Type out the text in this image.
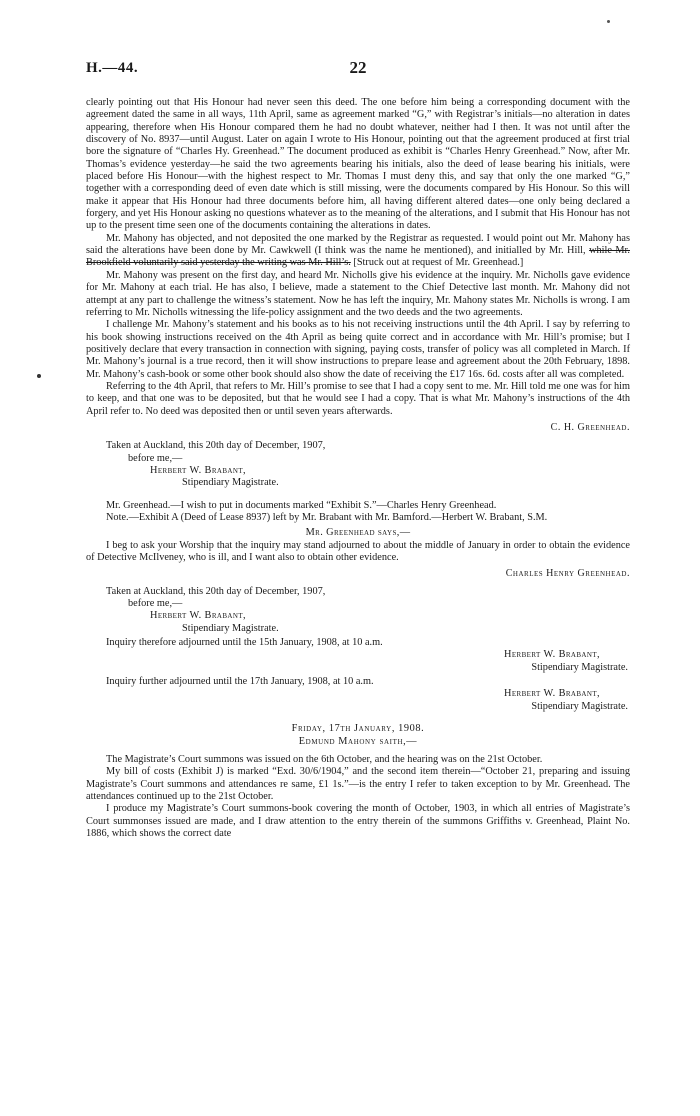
H.—44.	22

clearly pointing out that His Honour had never seen this deed. The one before him being a corresponding document with the agreement dated the same in all ways, 11th April, same as agreement marked “G,” with Registrar’s initials—no alteration in dates appearing, therefore when His Honour compared them he had no doubt whatever, neither had I then. It was not until after the discovery of No. 8937—until August. Later on again I wrote to His Honour, pointing out that the agreement produced at first trial bore the signature of “Charles Hy. Greenhead.” The document produced as exhibit is “Charles Henry Greenhead.” Now, after Mr. Thomas’s evidence yesterday—he said the two agreements bearing his initials, also the deed of lease bearing his initials, were placed before His Honour—with the highest respect to Mr. Thomas I must deny this, and say that only the one marked “G,” together with a corresponding deed of even date which is still missing, were the documents compared by His Honour. So this will make it appear that His Honour had three documents before him, all having different altered dates—one only being declared a forgery, and yet His Honour asking no questions whatever as to the meaning of the alterations, and I submit that His Honour has not up to the present time seen one of the documents containing the alterations in dates.

Mr. Mahony has objected, and not deposited the one marked by the Registrar as requested. I would point out Mr. Mahony has said the alterations have been done by Mr. Cawkwell (I think was the name he mentioned), and initialled by Mr. Hill, while Mr. Brookfield voluntarily said yesterday the writing was Mr. Hill’s. [Struck out at request of Mr. Greenhead.]

Mr. Mahony was present on the first day, and heard Mr. Nicholls give his evidence at the inquiry. Mr. Nicholls gave evidence for Mr. Mahony at each trial. He has also, I believe, made a statement to the Chief Detective last month. Mr. Mahony did not attempt at any part to challenge the witness’s statement. Now he has left the inquiry, Mr. Mahony states Mr. Nicholls is wrong. I am referring to Mr. Nicholls witnessing the life-policy assignment and the two deeds and the two agreements.

I challenge Mr. Mahony’s statement and his books as to his not receiving instructions until the 4th April. I say by referring to his book showing instructions received on the 4th April as being quite correct and in accordance with Mr. Hill’s promise; but I positively declare that every transaction in connection with signing, paying costs, transfer of policy was all completed in March. If Mr. Mahony’s journal is a true record, then it will show instructions to prepare lease and agreement about the 20th February, 1898. Mr. Mahony’s cash-book or some other book should also show the date of receiving the £17 16s. 6d. costs after all was completed.

Referring to the 4th April, that refers to Mr. Hill’s promise to see that I had a copy sent to me. Mr. Hill told me one was for him to keep, and that one was to be deposited, but that he would see I had a copy. That is what Mr. Mahony’s instructions of the 4th April refer to. No deed was deposited then or until seven years afterwards.

C. H. Greenhead.

Taken at Auckland, this 20th day of December, 1907,

before me,—

Herbert W. Brabant,

Stipendiary Magistrate.

Mr. Greenhead.—I wish to put in documents marked “Exhibit S.”—Charles Henry Greenhead.

Note.—Exhibit A (Deed of Lease 8937) left by Mr. Brabant with Mr. Bamford.—Herbert W. Brabant, S.M.

Mr. Greenhead says,—

I beg to ask your Worship that the inquiry may stand adjourned to about the middle of January in order to obtain the evidence of Detective McIlveney, who is ill, and I want also to obtain other evidence.

Charles Henry Greenhead.

Taken at Auckland, this 20th day of December, 1907,

before me,—

Herbert W. Brabant,

Stipendiary Magistrate.

Inquiry therefore adjourned until the 15th January, 1908, at 10 a.m.

Herbert W. Brabant,

Stipendiary Magistrate.

Inquiry further adjourned until the 17th January, 1908, at 10 a.m.

Herbert W. Brabant,

Stipendiary Magistrate.

Friday, 17th January, 1908.

Edmund Mahony saith,—

The Magistrate’s Court summons was issued on the 6th October, and the hearing was on the 21st October.

My bill of costs (Exhibit J) is marked “Exd. 30/6/1904,” and the second item therein—“October 21, preparing and issuing Magistrate’s Court summons and attendances re same, £1 1s.”—is the entry I refer to taken exception to by Mr. Greenhead. The attendances continued up to the 21st October.

I produce my Magistrate’s Court summons-book covering the month of October, 1903, in which all entries of Magistrate’s Court summonses issued are made, and I draw attention to the entry therein of the summons Griffiths v. Greenhead, Plaint No. 1886, which shows the correct date
